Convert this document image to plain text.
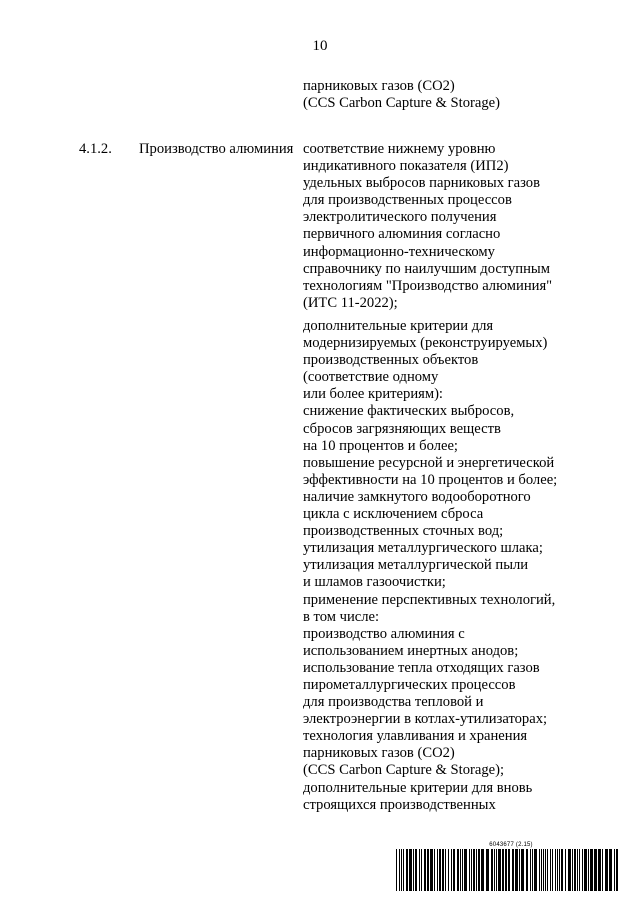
10
парниковых газов (CO2)
(CCS Carbon Capture & Storage)
4.1.2. Производство алюминия соответствие нижнему уровню
индикативного показателя (ИП2)
удельных выбросов парниковых газов
для производственных процессов
электролитического получения
первичного алюминия согласно
информационно-техническому
справочнику по наилучшим доступным
технологиям "Производство алюминия"
(ИТС 11-2022);
дополнительные критерии для
модернизируемых (реконструируемых)
производственных объектов
(соответствие одному
или более критериям):
снижение фактических выбросов,
сбросов загрязняющих веществ
на 10 процентов и более;
повышение ресурсной и энергетической
эффективности на 10 процентов и более;
наличие замкнутого водооборотного
цикла с исключением сброса
производственных сточных вод;
утилизация металлургического шлака;
утилизация металлургической пыли
и шламов газоочистки;
применение перспективных технологий,
в том числе:
производство алюминия с
использованием инертных анодов;
использование тепла отходящих газов
пирометаллургических процессов
для производства тепловой и
электроэнергии в котлах-утилизаторах;
технология улавливания и хранения
парниковых газов (CO2)
(CCS Carbon Capture & Storage);
дополнительные критерии для вновь
строящихся производственных
6043677 (2.15)
